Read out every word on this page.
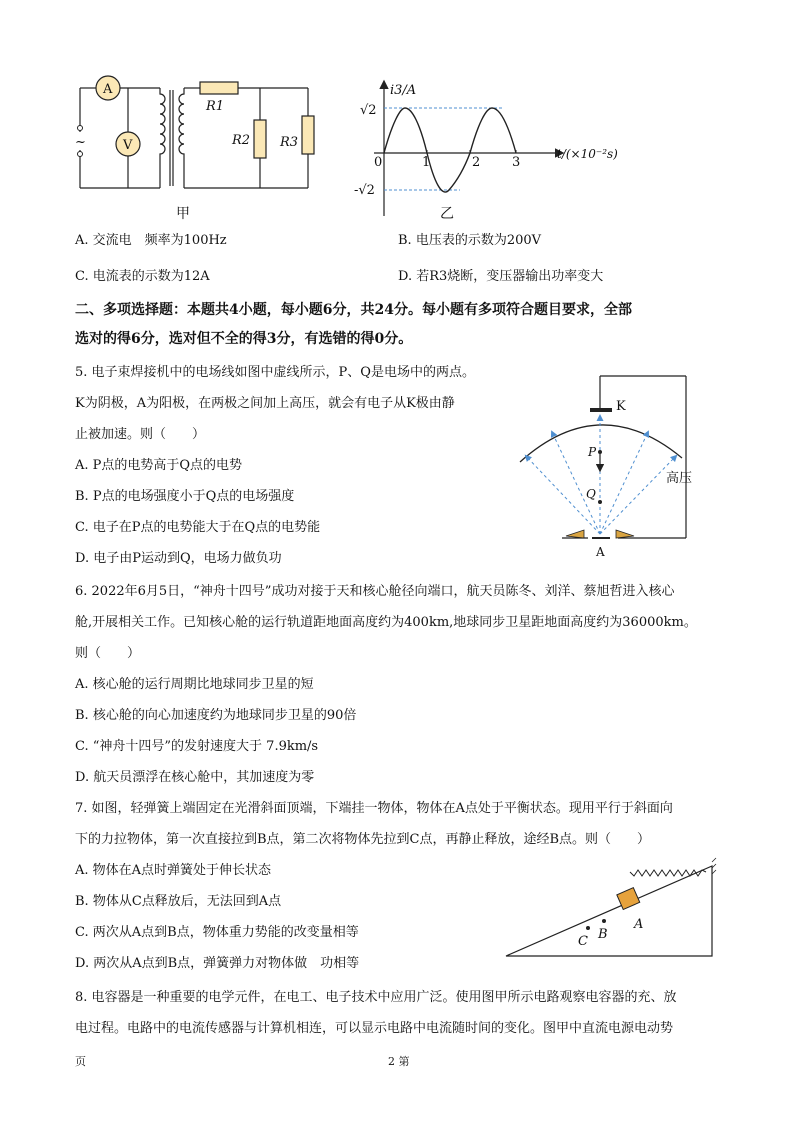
~
A
V
R1
R2 R3
甲
i3/A
√2
-√2
0	1	2 3
t/(×10⁻²s)
乙
A. 交流电　频率为100Hz	B. 电压表的示数为200V
C. 电流表的示数为12A	D. 若R3烧断，变压器输出功率变大
二、多项选择题：本题共4小题，每小题6分，共24分。每小题有多项符合题目要求，全部
选对的得6分，选对但不全的得3分，有选错的得0分。
5. 电子束焊接机中的电场线如图中虚线所示，P、Q是电场中的两点。
K为阴极，A为阳极，在两极之间加上高压，就会有电子从K极由静
止被加速。则（　　）
A. P点的电势高于Q点的电势
B. P点的电场强度小于Q点的电场强度
C. 电子在P点的电势能大于在Q点的电势能
D. 电子由P运动到Q，电场力做负功
K
高压
P
Q
A
6. 2022年6月5日，“神舟十四号”成功对接于天和核心舱径向端口，航天员陈冬、刘洋、蔡旭哲进入核心
舱,开展相关工作。已知核心舱的运行轨道距地面高度约为400km,地球同步卫星距地面高度约为36000km。
则（　　）
A. 核心舱的运行周期比地球同步卫星的短
B. 核心舱的向心加速度约为地球同步卫星的90倍
C. “神舟十四号”的发射速度大于 7.9km/s
D. 航天员漂浮在核心舱中，其加速度为零
7. 如图，轻弹簧上端固定在光滑斜面顶端，下端挂一物体，物体在A点处于平衡状态。现用平行于斜面向
下的力拉物体，第一次直接拉到B点，第二次将物体先拉到C点，再静止释放，途经B点。则（　　）
A. 物体在A点时弹簧处于伸长状态
B. 物体从C点释放后，无法回到A点
C. 两次从A点到B点，物体重力势能的改变量相等
D. 两次从A点到B点，弹簧弹力对物体做　功相等
A
B
C
8. 电容器是一种重要的电学元件，在电工、电子技术中应用广泛。使用图甲所示电路观察电容器的充、放
电过程。电路中的电流传感器与计算机相连，可以显示电路中电流随时间的变化。图甲中直流电源电动势
页	2 第
